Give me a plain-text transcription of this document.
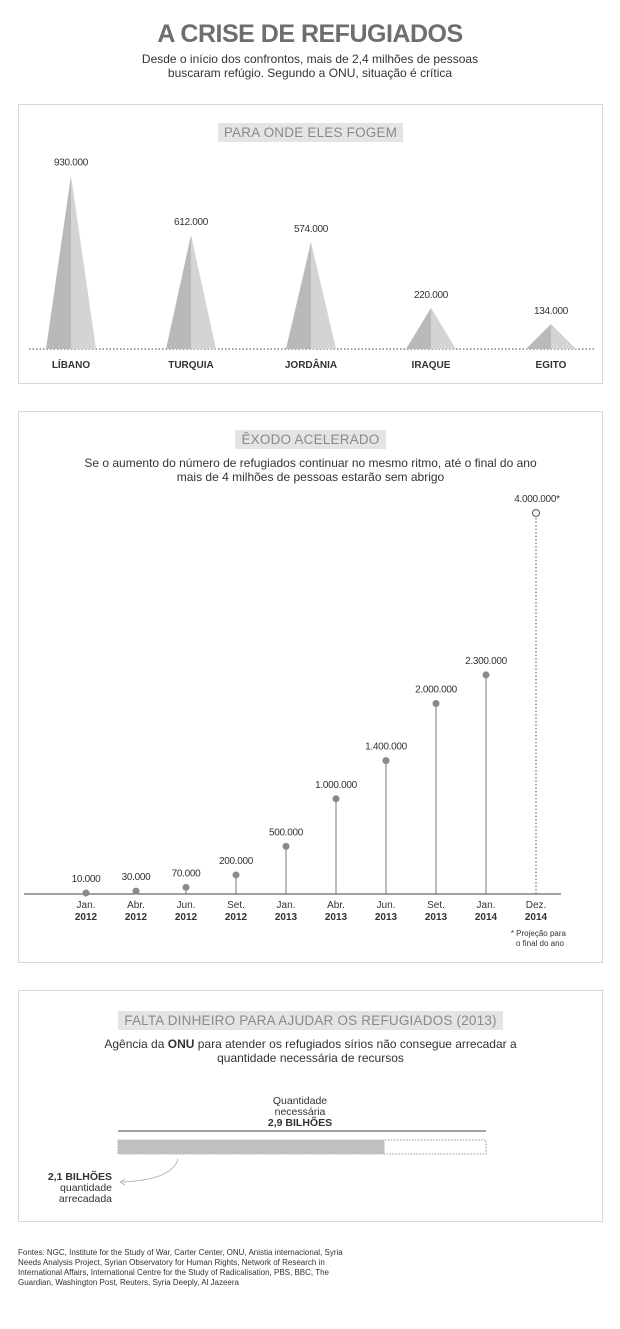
A CRISE DE REFUGIADOS
Desde o início dos confrontos, mais de 2,4 milhões de pessoas buscaram refúgio. Segundo a ONU, situação é crítica
PARA ONDE ELES FOGEM
930.000
LÍBANO
612.000
TURQUIA
574.000
JORDÂNIA
220.000
IRAQUE
134.000
EGITO
ÊXODO ACELERADO
Se o aumento do número de refugiados continuar no mesmo ritmo, até o final do ano mais de 4 milhões de pessoas estarão sem abrigo
10.000
Jan.
2012
30.000
Abr.
2012
70.000
Jun.
2012
200.000
Set.
2012
500.000
Jan.
2013
1.000.000
Abr.
2013
1.400.000
Jun.
2013
2.000.000
Set.
2013
2.300.000
Jan.
2014
4.000.000*
Dez.
2014
* Projeção para
o final do ano
FALTA DINHEIRO PARA AJUDAR OS REFUGIADOS (2013)
Agência da ONU para atender os refugiados sírios não consegue arrecadar a quantidade necessária de recursos
Quantidade
necessária
2,9 BILHÕES
2,1 BILHÕES
quantidade
arrecadada
Fontes: NGC, Institute for the Study of War, Carter Center, ONU, Anistia internacional, Syria Needs Analysis Project, Syrian Observatory for Human Rights, Network of Research in International Affairs, International Centre for the Study of Radicalisation, PBS, BBC, The Guardian, Washington Post, Reuters, Syria Deeply, Al Jazeera
